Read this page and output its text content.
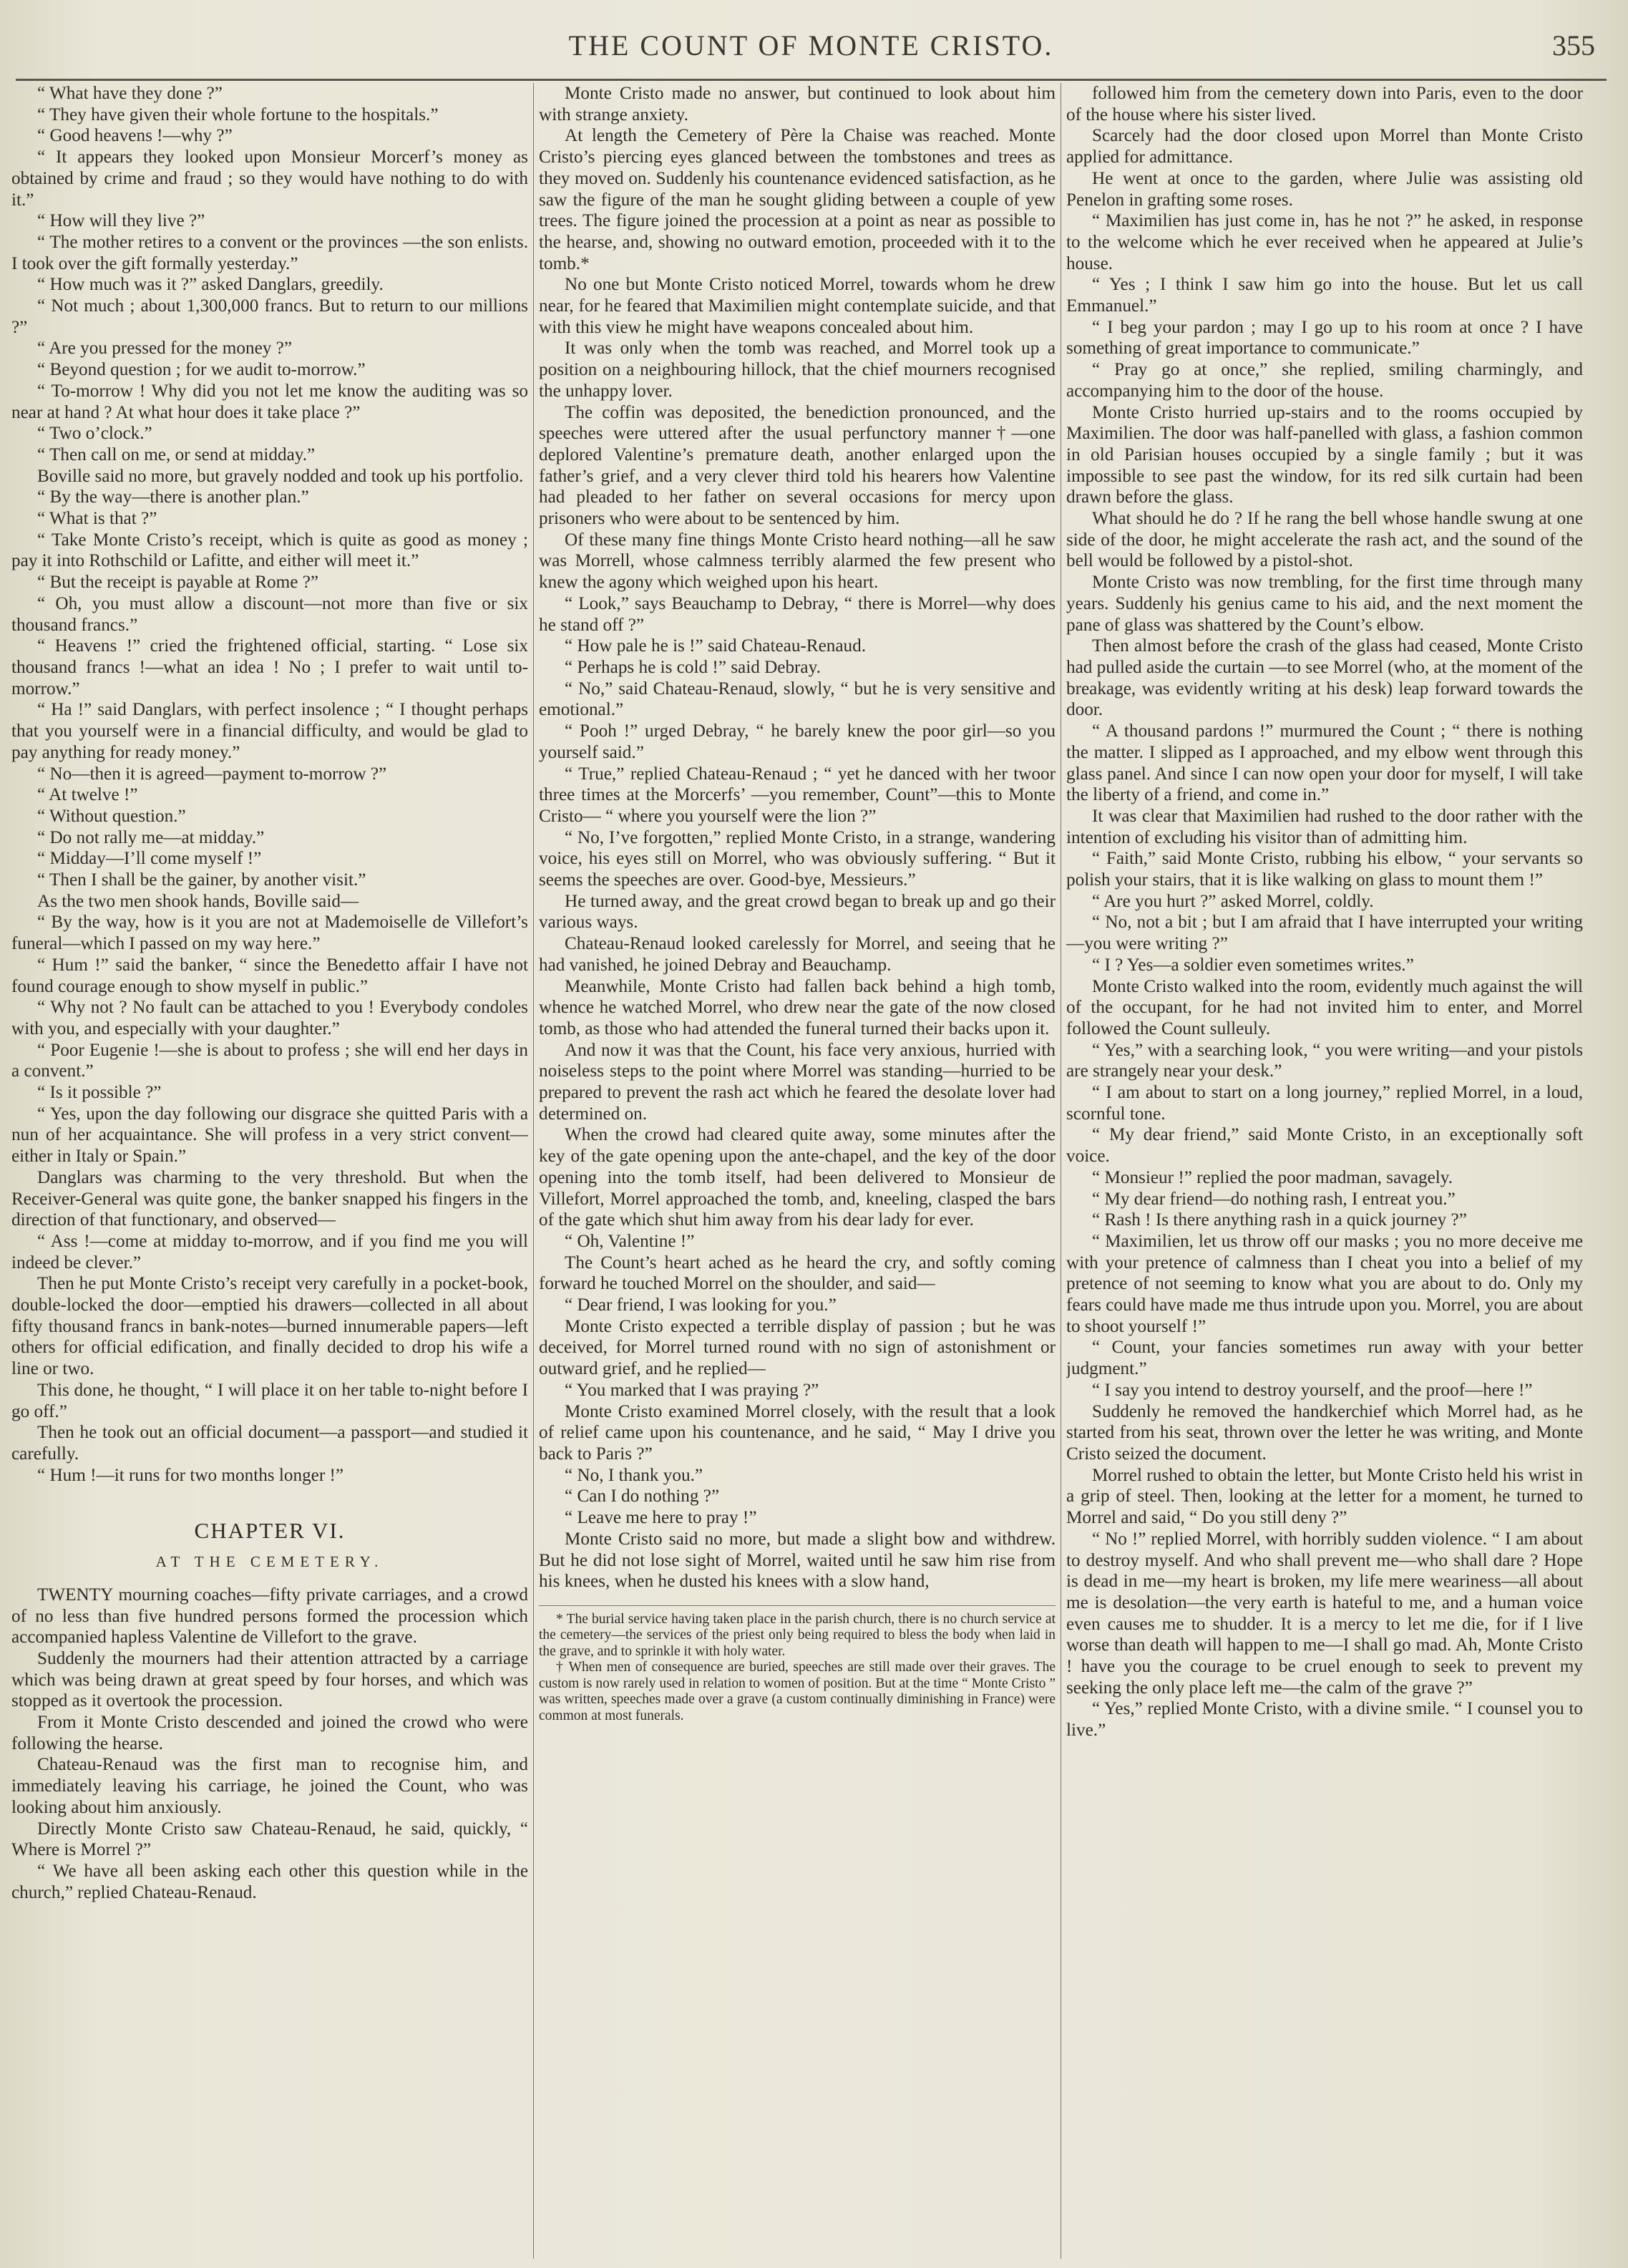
THE COUNT OF MONTE CRISTO.	355

“ What have they done ?”

“ They have given their whole fortune to the hospitals.”

“ Good heavens !—why ?”

“ It appears they looked upon Monsieur Morcerf’s money as obtained by crime and fraud ; so they would have nothing to do with it.”

“ How will they live ?”

“ The mother retires to a convent or the provinces —the son enlists. I took over the gift formally yesterday.”

“ How much was it ?” asked Danglars, greedily.

“ Not much ; about 1,300,000 francs. But to return to our millions ?”

“ Are you pressed for the money ?”

“ Beyond question ; for we audit to-morrow.”

“ To-morrow ! Why did you not let me know the auditing was so near at hand ? At what hour does it take place ?”

“ Two o’clock.”

“ Then call on me, or send at midday.”

Boville said no more, but gravely nodded and took up his portfolio.

“ By the way—there is another plan.”

“ What is that ?”

“ Take Monte Cristo’s receipt, which is quite as good as money ; pay it into Rothschild or Lafitte, and either will meet it.”

“ But the receipt is payable at Rome ?”

“ Oh, you must allow a discount—not more than five or six thousand francs.”

“ Heavens !” cried the frightened official, starting. “ Lose six thousand francs !—what an idea ! No ; I prefer to wait until to-morrow.”

“ Ha !” said Danglars, with perfect insolence ; “ I thought perhaps that you yourself were in a financial difficulty, and would be glad to pay anything for ready money.”

“ No—then it is agreed—payment to-morrow ?”

“ At twelve !”

“ Without question.”

“ Do not rally me—at midday.”

“ Midday—I’ll come myself !”

“ Then I shall be the gainer, by another visit.”

As the two men shook hands, Boville said—

“ By the way, how is it you are not at Mademoiselle de Villefort’s funeral—which I passed on my way here.”

“ Hum !” said the banker, “ since the Benedetto affair I have not found courage enough to show myself in public.”

“ Why not ? No fault can be attached to you ! Everybody condoles with you, and especially with your daughter.”

“ Poor Eugenie !—she is about to profess ; she will end her days in a convent.”

“ Is it possible ?”

“ Yes, upon the day following our disgrace she quitted Paris with a nun of her acquaintance. She will profess in a very strict convent—either in Italy or Spain.”

Danglars was charming to the very threshold. But when the Receiver-General was quite gone, the banker snapped his fingers in the direction of that functionary, and observed—

“ Ass !—come at midday to-morrow, and if you find me you will indeed be clever.”

Then he put Monte Cristo’s receipt very carefully in a pocket-book, double-locked the door—emptied his drawers—collected in all about fifty thousand francs in bank-notes—burned innumerable papers—left others for official edification, and finally decided to drop his wife a line or two.

This done, he thought, “ I will place it on her table to-night before I go off.”

Then he took out an official document—a passport—and studied it carefully.

“ Hum !—it runs for two months longer !”

CHAPTER VI.
AT THE CEMETERY.

TWENTY mourning coaches—fifty private carriages, and a crowd of no less than five hundred persons formed the procession which accompanied hapless Valentine de Villefort to the grave.

Suddenly the mourners had their attention attracted by a carriage which was being drawn at great speed by four horses, and which was stopped as it overtook the procession.

From it Monte Cristo descended and joined the crowd who were following the hearse.

Chateau-Renaud was the first man to recognise him, and immediately leaving his carriage, he joined the Count, who was looking about him anxiously.

Directly Monte Cristo saw Chateau-Renaud, he said, quickly, “ Where is Morrel ?”

“ We have all been asking each other this question while in the church,” replied Chateau-Renaud.

Monte Cristo made no answer, but continued to look about him with strange anxiety.

At length the Cemetery of Père la Chaise was reached. Monte Cristo’s piercing eyes glanced between the tombstones and trees as they moved on. Suddenly his countenance evidenced satisfaction, as he saw the figure of the man he sought gliding between a couple of yew trees. The figure joined the procession at a point as near as possible to the hearse, and, showing no outward emotion, proceeded with it to the tomb.*

No one but Monte Cristo noticed Morrel, towards whom he drew near, for he feared that Maximilien might contemplate suicide, and that with this view he might have weapons concealed about him.

It was only when the tomb was reached, and Morrel took up a position on a neighbouring hillock, that the chief mourners recognised the unhappy lover.

The coffin was deposited, the benediction pronounced, and the speeches were uttered after the usual perfunctory manner†—one deplored Valentine’s premature death, another enlarged upon the father’s grief, and a very clever third told his hearers how Valentine had pleaded to her father on several occasions for mercy upon prisoners who were about to be sentenced by him.

Of these many fine things Monte Cristo heard nothing—all he saw was Morrell, whose calmness terribly alarmed the few present who knew the agony which weighed upon his heart.

“ Look,” says Beauchamp to Debray, “ there is Morrel—why does he stand off ?”

“ How pale he is !” said Chateau-Renaud.

“ Perhaps he is cold !” said Debray.

“ No,” said Chateau-Renaud, slowly, “ but he is very sensitive and emotional.”

“ Pooh !” urged Debray, “ he barely knew the poor girl—so you yourself said.”

“ True,” replied Chateau-Renaud ; “ yet he danced with her twoor three times at the Morcerfs’ —you remember, Count”—this to Monte Cristo— “ where you yourself were the lion ?”

“ No, I’ve forgotten,” replied Monte Cristo, in a strange, wandering voice, his eyes still on Morrel, who was obviously suffering. “ But it seems the speeches are over. Good-bye, Messieurs.”

He turned away, and the great crowd began to break up and go their various ways.

Chateau-Renaud looked carelessly for Morrel, and seeing that he had vanished, he joined Debray and Beauchamp.

Meanwhile, Monte Cristo had fallen back behind a high tomb, whence he watched Morrel, who drew near the gate of the now closed tomb, as those who had attended the funeral turned their backs upon it.

And now it was that the Count, his face very anxious, hurried with noiseless steps to the point where Morrel was standing—hurried to be prepared to prevent the rash act which he feared the desolate lover had determined on.

When the crowd had cleared quite away, some minutes after the key of the gate opening upon the ante-chapel, and the key of the door opening into the tomb itself, had been delivered to Monsieur de Villefort, Morrel approached the tomb, and, kneeling, clasped the bars of the gate which shut him away from his dear lady for ever.

“ Oh, Valentine !”

The Count’s heart ached as he heard the cry, and softly coming forward he touched Morrel on the shoulder, and said—

“ Dear friend, I was looking for you.”

Monte Cristo expected a terrible display of passion ; but he was deceived, for Morrel turned round with no sign of astonishment or outward grief, and he replied—

“ You marked that I was praying ?”

Monte Cristo examined Morrel closely, with the result that a look of relief came upon his countenance, and he said, “ May I drive you back to Paris ?”

“ No, I thank you.”

“ Can I do nothing ?”

“ Leave me here to pray !”

Monte Cristo said no more, but made a slight bow and withdrew. But he did not lose sight of Morrel, waited until he saw him rise from his knees, when he dusted his knees with a slow hand,

* The burial service having taken place in the parish church, there is no church service at the cemetery—the services of the priest only being required to bless the body when laid in the grave, and to sprinkle it with holy water.

† When men of consequence are buried, speeches are still made over their graves. The custom is now rarely used in relation to women of position. But at the time “ Monte Cristo ” was written, speeches made over a grave (a custom continually diminishing in France) were common at most funerals.

followed him from the cemetery down into Paris, even to the door of the house where his sister lived.

Scarcely had the door closed upon Morrel than Monte Cristo applied for admittance.

He went at once to the garden, where Julie was assisting old Penelon in grafting some roses.

“ Maximilien has just come in, has he not ?” he asked, in response to the welcome which he ever received when he appeared at Julie’s house.

“ Yes ; I think I saw him go into the house. But let us call Emmanuel.”

“ I beg your pardon ; may I go up to his room at once ? I have something of great importance to communicate.”

“ Pray go at once,” she replied, smiling charmingly, and accompanying him to the door of the house.

Monte Cristo hurried up-stairs and to the rooms occupied by Maximilien. The door was half-panelled with glass, a fashion common in old Parisian houses occupied by a single family ; but it was impossible to see past the window, for its red silk curtain had been drawn before the glass.

What should he do ? If he rang the bell whose handle swung at one side of the door, he might accelerate the rash act, and the sound of the bell would be followed by a pistol-shot.

Monte Cristo was now trembling, for the first time through many years. Suddenly his genius came to his aid, and the next moment the pane of glass was shattered by the Count’s elbow.

Then almost before the crash of the glass had ceased, Monte Cristo had pulled aside the curtain —to see Morrel (who, at the moment of the breakage, was evidently writing at his desk) leap forward towards the door.

“ A thousand pardons !” murmured the Count ; “ there is nothing the matter. I slipped as I approached, and my elbow went through this glass panel. And since I can now open your door for myself, I will take the liberty of a friend, and come in.”

It was clear that Maximilien had rushed to the door rather with the intention of excluding his visitor than of admitting him.

“ Faith,” said Monte Cristo, rubbing his elbow, “ your servants so polish your stairs, that it is like walking on glass to mount them !”

“ Are you hurt ?” asked Morrel, coldly.

“ No, not a bit ; but I am afraid that I have interrupted your writing—you were writing ?”

“ I ? Yes—a soldier even sometimes writes.”

Monte Cristo walked into the room, evidently much against the will of the occupant, for he had not invited him to enter, and Morrel followed the Count sulleuly.

“ Yes,” with a searching look, “ you were writing—and your pistols are strangely near your desk.”

“ I am about to start on a long journey,” replied Morrel, in a loud, scornful tone.

“ My dear friend,” said Monte Cristo, in an exceptionally soft voice.

“ Monsieur !” replied the poor madman, savagely.

“ My dear friend—do nothing rash, I entreat you.”

“ Rash ! Is there anything rash in a quick journey ?”

“ Maximilien, let us throw off our masks ; you no more deceive me with your pretence of calmness than I cheat you into a belief of my pretence of not seeming to know what you are about to do. Only my fears could have made me thus intrude upon you. Morrel, you are about to shoot yourself !”

“ Count, your fancies sometimes run away with your better judgment.”

“ I say you intend to destroy yourself, and the proof—here !”

Suddenly he removed the handkerchief which Morrel had, as he started from his seat, thrown over the letter he was writing, and Monte Cristo seized the document.

Morrel rushed to obtain the letter, but Monte Cristo held his wrist in a grip of steel. Then, looking at the letter for a moment, he turned to Morrel and said, “ Do you still deny ?”

“ No !” replied Morrel, with horribly sudden violence. “ I am about to destroy myself. And who shall prevent me—who shall dare ? Hope is dead in me—my heart is broken, my life mere weariness—all about me is desolation—the very earth is hateful to me, and a human voice even causes me to shudder. It is a mercy to let me die, for if I live worse than death will happen to me—I shall go mad. Ah, Monte Cristo ! have you the courage to be cruel enough to seek to prevent my seeking the only place left me—the calm of the grave ?”

“ Yes,” replied Monte Cristo, with a divine smile. “ I counsel you to live.”
